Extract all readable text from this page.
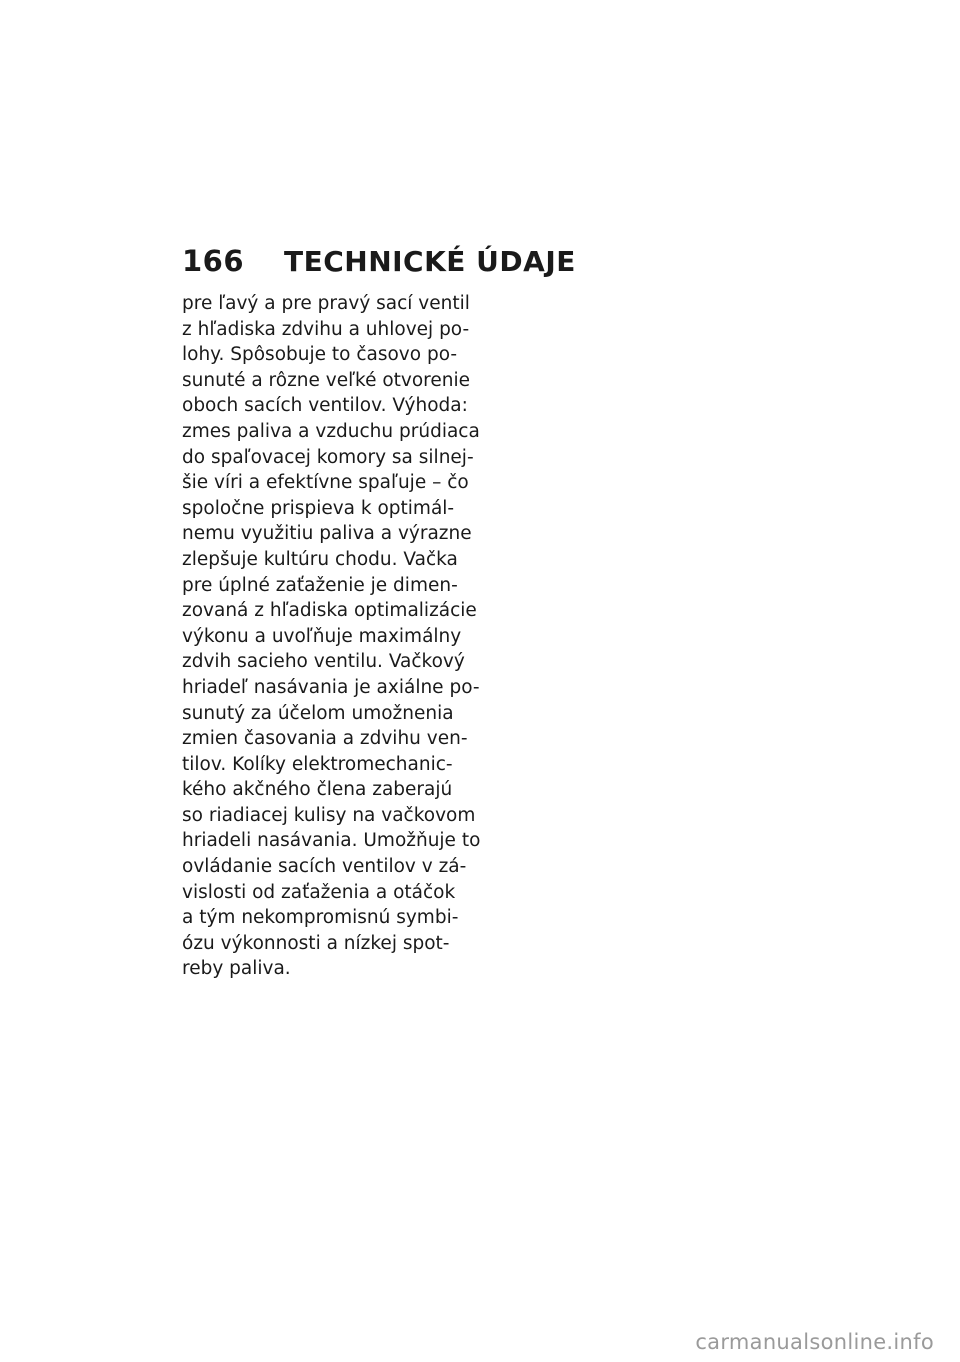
166	TECHNICKÉ ÚDAJE
pre ľavý a pre pravý sací ventil
z hľadiska zdvihu a uhlovej po-
lohy. Spôsobuje to časovo po-
sunuté a rôzne veľké otvorenie
oboch sacích ventilov. Výhoda:
zmes paliva a vzduchu prúdiaca
do spaľovacej komory sa silnej-
šie víri a efektívne spaľuje – čo
spoločne prispieva k optimál-
nemu využitiu paliva a výrazne
zlepšuje kultúru chodu. Vačka
pre úplné zaťaženie je dimen-
zovaná z hľadiska optimalizácie
výkonu a uvoľňuje maximálny
zdvih sacieho ventilu. Vačkový
hriadeľ nasávania je axiálne po-
sunutý za účelom umožnenia
zmien časovania a zdvihu ven-
tilov. Kolíky elektromechanic-
kého akčného člena zaberajú
so riadiacej kulisy na vačkovom
hriadeli nasávania. Umožňuje to
ovládanie sacích ventilov v zá-
vislosti od zaťaženia a otáčok
a tým nekompromisnú symbi-
ózu výkonnosti a nízkej spot-
reby paliva.
carmanualsonline.info
